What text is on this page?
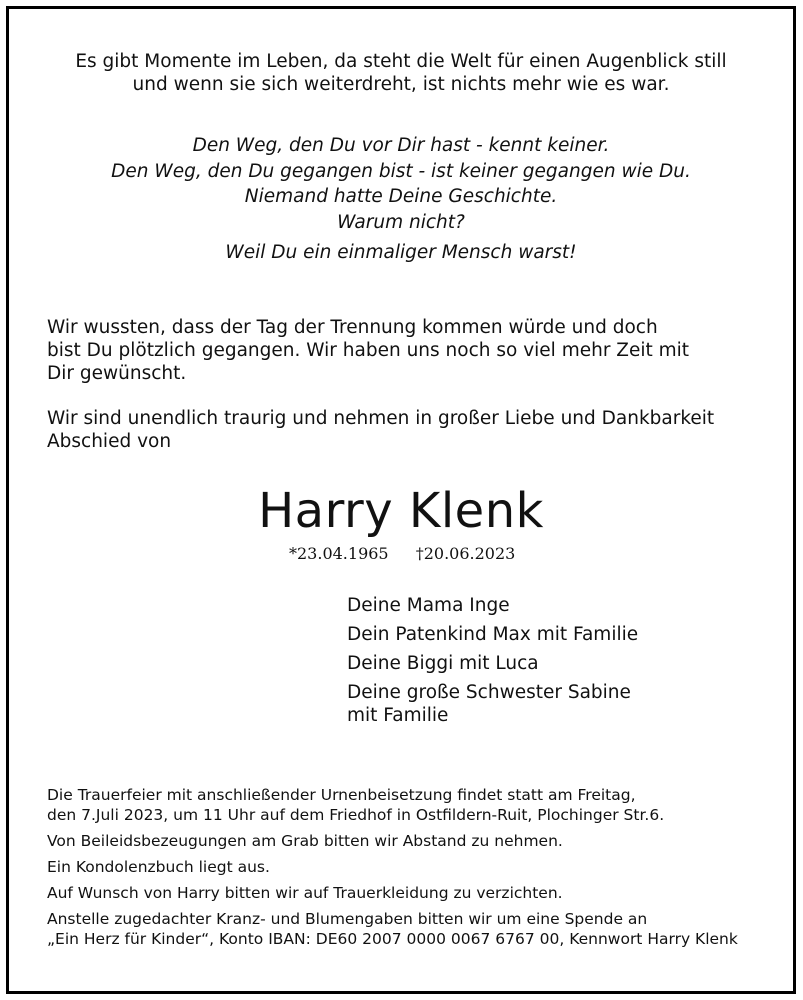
Es gibt Momente im Leben, da steht die Welt für einen Augenblick still
und wenn sie sich weiterdreht, ist nichts mehr wie es war.
Den Weg, den Du vor Dir hast - kennt keiner.
Den Weg, den Du gegangen bist - ist keiner gegangen wie Du.
Niemand hatte Deine Geschichte.
Warum nicht?
Weil Du ein einmaliger Mensch warst!
Wir wussten, dass der Tag der Trennung kommen würde und doch
bist Du plötzlich gegangen. Wir haben uns noch so viel mehr Zeit mit
Dir gewünscht.
Wir sind unendlich traurig und nehmen in großer Liebe und Dankbarkeit
Abschied von
Harry Klenk
*23.04.1965 †20.06.2023
Deine Mama Inge
Dein Patenkind Max mit Familie
Deine Biggi mit Luca
Deine große Schwester Sabine
mit Familie
Die Trauerfeier mit anschließender Urnenbeisetzung findet statt am Freitag,
den 7.Juli 2023, um 11 Uhr auf dem Friedhof in Ostfildern-Ruit, Plochinger Str.6.
Von Beileidsbezeugungen am Grab bitten wir Abstand zu nehmen.
Ein Kondolenzbuch liegt aus.
Auf Wunsch von Harry bitten wir auf Trauerkleidung zu verzichten.
Anstelle zugedachter Kranz- und Blumengaben bitten wir um eine Spende an
„Ein Herz für Kinder“, Konto IBAN: DE60 2007 0000 0067 6767 00, Kennwort Harry Klenk
